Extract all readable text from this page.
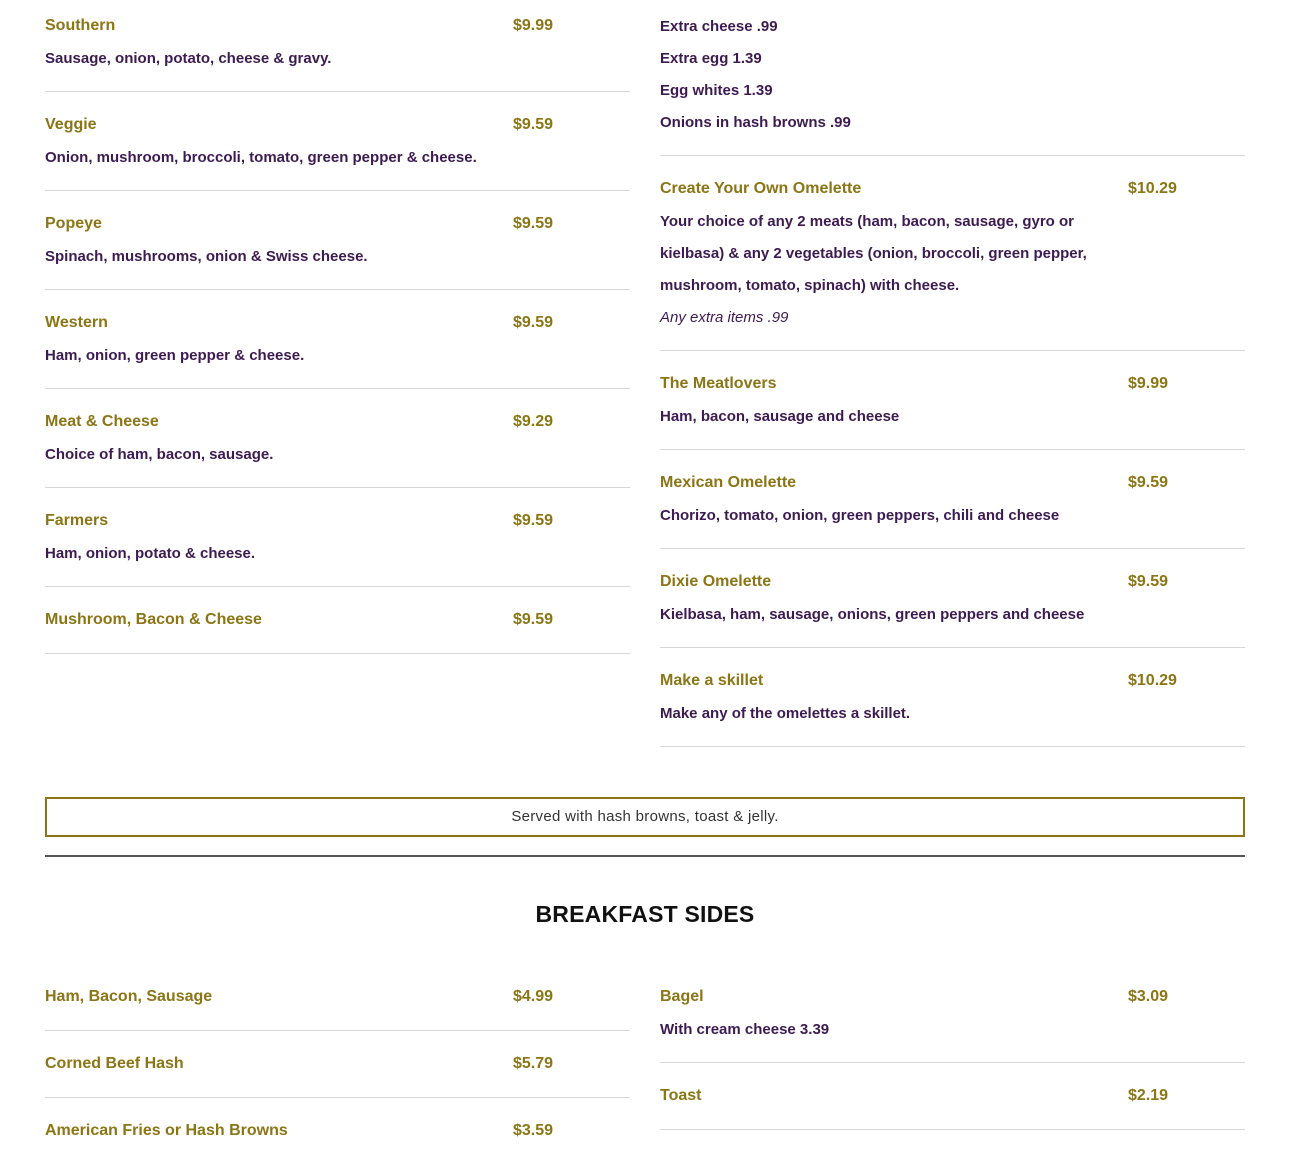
Southern	$9.99
Sausage, onion, potato, cheese & gravy.
Veggie	$9.59
Onion, mushroom, broccoli, tomato, green pepper & cheese.
Popeye	$9.59
Spinach, mushrooms, onion & Swiss cheese.
Western	$9.59
Ham, onion, green pepper & cheese.
Meat & Cheese	$9.29
Choice of ham, bacon, sausage.
Farmers	$9.59
Ham, onion, potato & cheese.
Mushroom, Bacon & Cheese	$9.59
Extra cheese .99
Extra egg 1.39
Egg whites 1.39
Onions in hash browns .99
Create Your Own Omelette	$10.29
Your choice of any 2 meats (ham, bacon, sausage, gyro or
kielbasa) & any 2 vegetables (onion, broccoli, green pepper,
mushroom, tomato, spinach) with cheese.
Any extra items .99
The Meatlovers	$9.99
Ham, bacon, sausage and cheese
Mexican Omelette	$9.59
Chorizo, tomato, onion, green peppers, chili and cheese
Dixie Omelette	$9.59
Kielbasa, ham, sausage, onions, green peppers and cheese
Make a skillet	$10.29
Make any of the omelettes a skillet.
Served with hash browns, toast & jelly.
BREAKFAST SIDES
Ham, Bacon, Sausage	$4.99
Corned Beef Hash	$5.79
American Fries or Hash Browns	$3.59
Bagel	$3.09
With cream cheese 3.39
Toast	$2.19
